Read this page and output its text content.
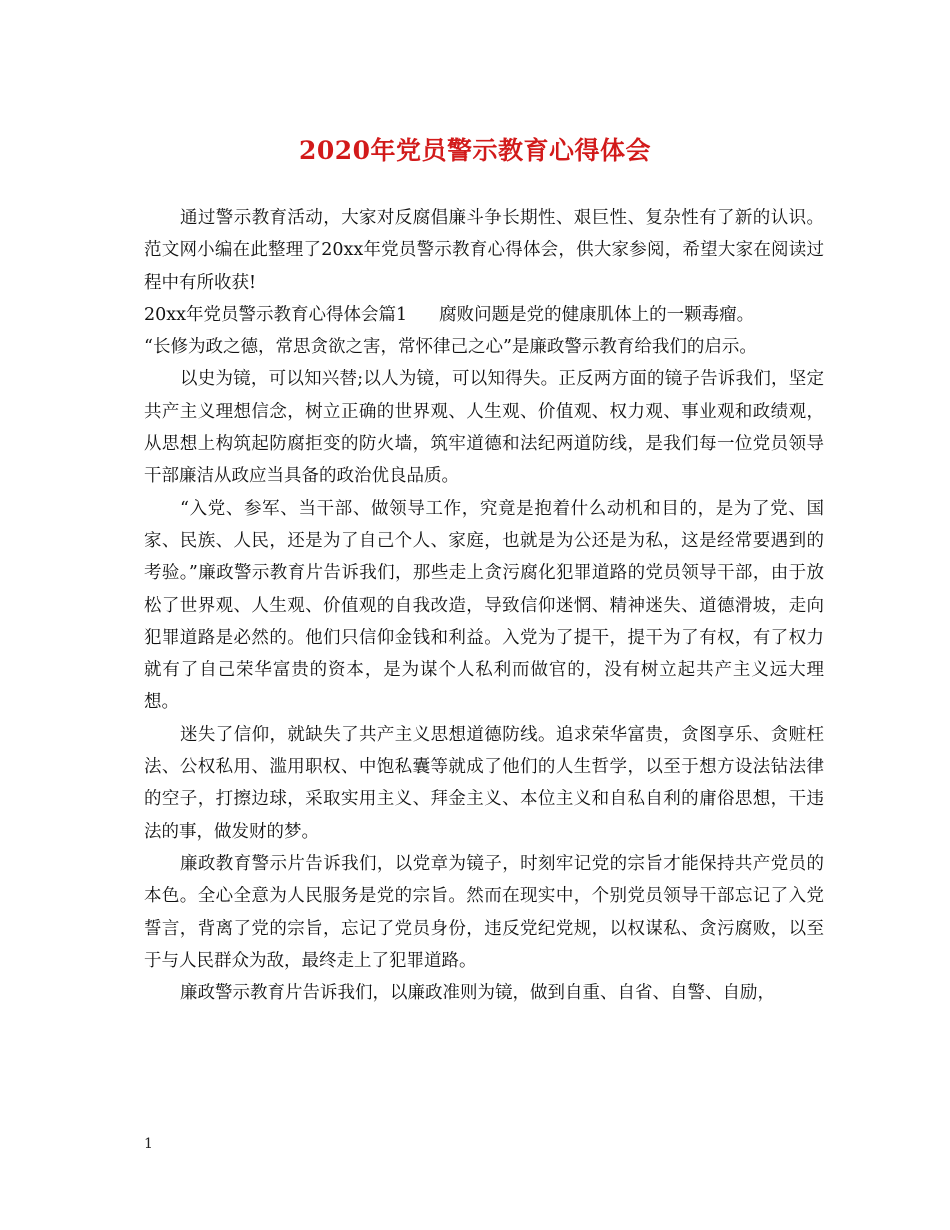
2020年党员警示教育心得体会

通过警示教育活动，大家对反腐倡廉斗争长期性、艰巨性、复杂性有了新的认识。范文网小编在此整理了20xx年党员警示教育心得体会，供大家参阅，希望大家在阅读过程中有所收获!

20xx年党员警示教育心得体会篇1 腐败问题是党的健康肌体上的一颗毒瘤。

“长修为政之德，常思贪欲之害，常怀律己之心”是廉政警示教育给我们的启示。

以史为镜，可以知兴替;以人为镜，可以知得失。正反两方面的镜子告诉我们，坚定共产主义理想信念，树立正确的世界观、人生观、价值观、权力观、事业观和政绩观，从思想上构筑起防腐拒变的防火墙，筑牢道德和法纪两道防线，是我们每一位党员领导干部廉洁从政应当具备的政治优良品质。

“入党、参军、当干部、做领导工作，究竟是抱着什么动机和目的，是为了党、国家、民族、人民，还是为了自己个人、家庭，也就是为公还是为私，这是经常要遇到的考验。”廉政警示教育片告诉我们，那些走上贪污腐化犯罪道路的党员领导干部，由于放松了世界观、人生观、价值观的自我改造，导致信仰迷惘、精神迷失、道德滑坡，走向犯罪道路是必然的。他们只信仰金钱和利益。入党为了提干，提干为了有权，有了权力就有了自己荣华富贵的资本，是为谋个人私利而做官的，没有树立起共产主义远大理想。

迷失了信仰，就缺失了共产主义思想道德防线。追求荣华富贵，贪图享乐、贪赃枉法、公权私用、滥用职权、中饱私囊等就成了他们的人生哲学，以至于想方设法钻法律的空子，打擦边球，采取实用主义、拜金主义、本位主义和自私自利的庸俗思想，干违法的事，做发财的梦。

廉政教育警示片告诉我们，以党章为镜子，时刻牢记党的宗旨才能保持共产党员的本色。全心全意为人民服务是党的宗旨。然而在现实中，个别党员领导干部忘记了入党誓言，背离了党的宗旨，忘记了党员身份，违反党纪党规，以权谋私、贪污腐败，以至于与人民群众为敌，最终走上了犯罪道路。

廉政警示教育片告诉我们，以廉政准则为镜，做到自重、自省、自警、自励，

1
